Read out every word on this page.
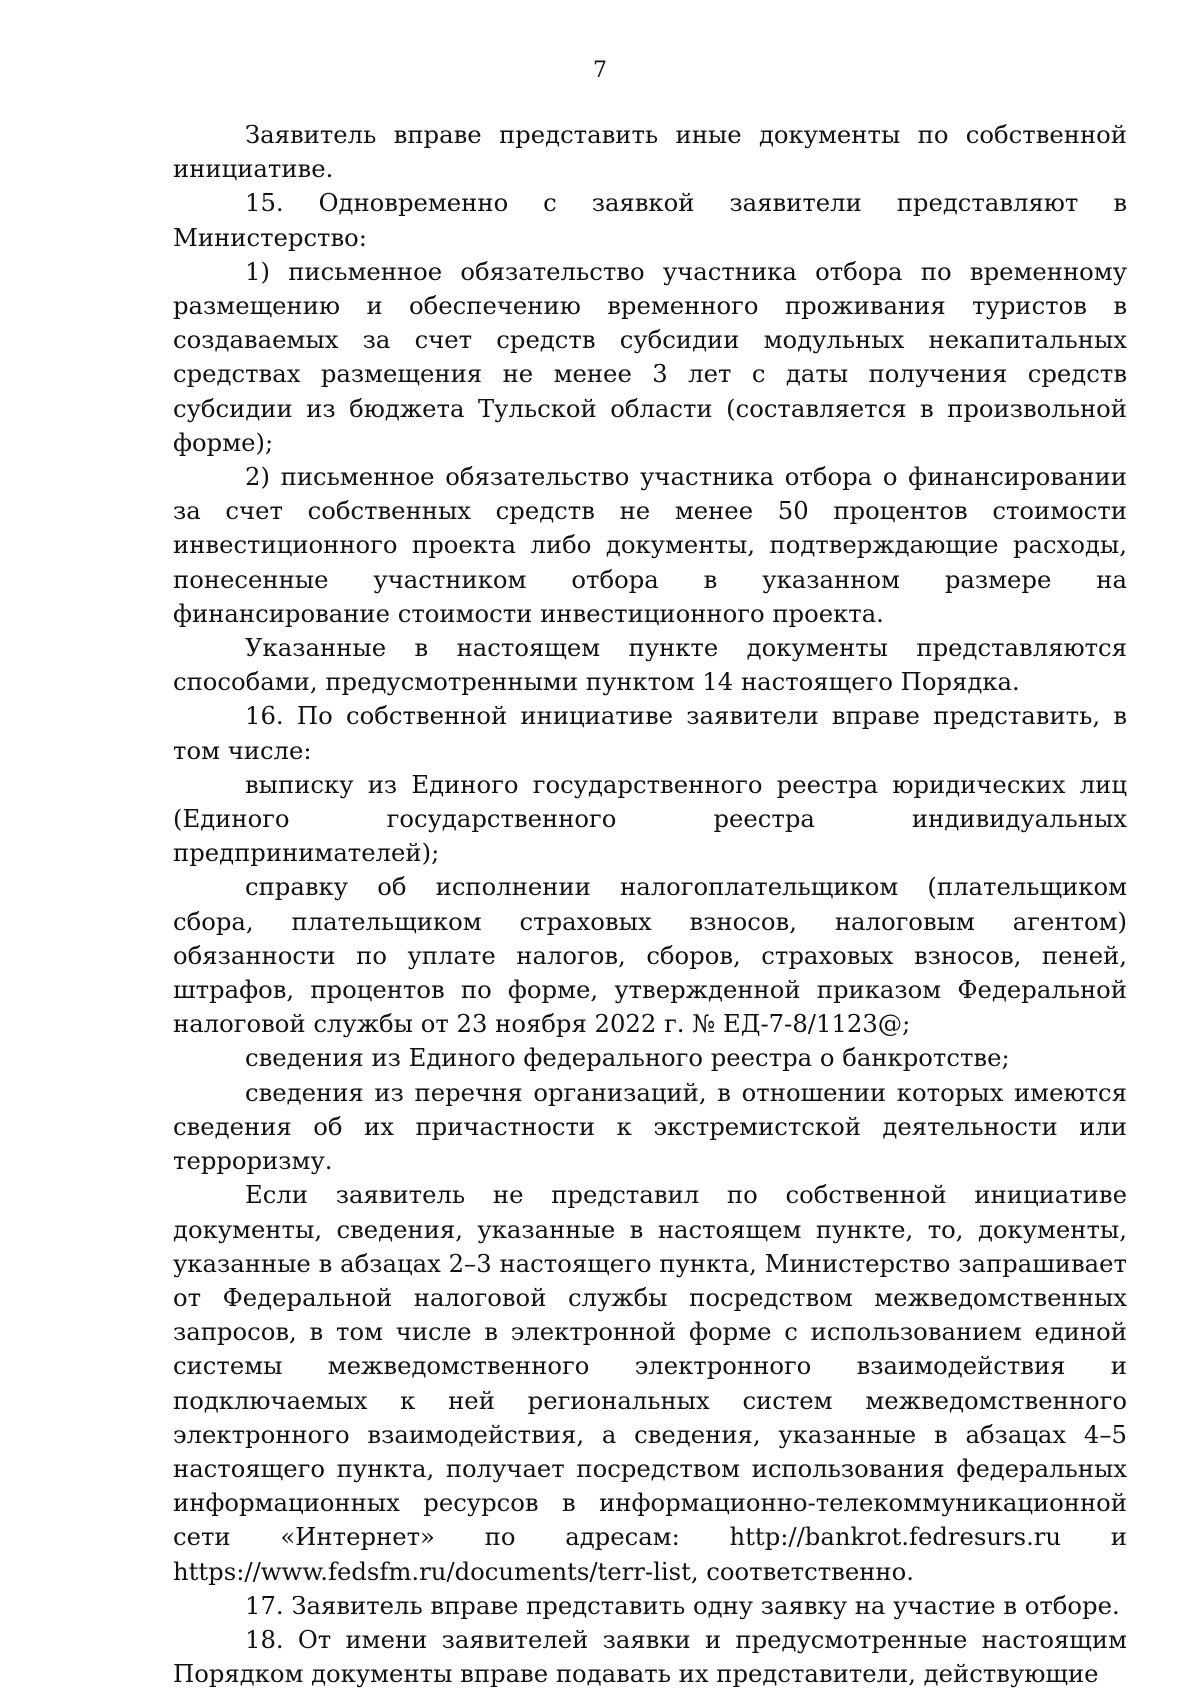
7

Заявитель вправе представить иные документы по собственной инициативе.

15. Одновременно с заявкой заявители представляют в Министерство:

1) письменное обязательство участника отбора по временному размещению и обеспечению временного проживания туристов в создаваемых за счет средств субсидии модульных некапитальных средствах размещения не менее 3 лет с даты получения средств субсидии из бюджета Тульской области (составляется в произвольной форме);

2) письменное обязательство участника отбора о финансировании за счет собственных средств не менее 50 процентов стоимости инвестиционного проекта либо документы, подтверждающие расходы, понесенные участником отбора в указанном размере на финансирование стоимости инвестиционного проекта.

Указанные в настоящем пункте документы представляются способами, предусмотренными пунктом 14 настоящего Порядка.

16. По собственной инициативе заявители вправе представить, в том числе:

выписку из Единого государственного реестра юридических лиц (Единого государственного реестра индивидуальных предпринимателей);

справку об исполнении налогоплательщиком (плательщиком сбора, плательщиком страховых взносов, налоговым агентом) обязанности по уплате налогов, сборов, страховых взносов, пеней, штрафов, процентов по форме, утвержденной приказом Федеральной налоговой службы от 23 ноября 2022 г. № ЕД-7-8/1123@;

сведения из Единого федерального реестра о банкротстве;

сведения из перечня организаций, в отношении которых имеются сведения об их причастности к экстремистской деятельности или терроризму.

Если заявитель не представил по собственной инициативе документы, сведения, указанные в настоящем пункте, то, документы, указанные в абзацах 2–3 настоящего пункта, Министерство запрашивает от Федеральной налоговой службы посредством межведомственных запросов, в том числе в электронной форме с использованием единой системы межведомственного электронного взаимодействия и подключаемых к ней региональных систем межведомственного электронного взаимодействия, а сведения, указанные в абзацах 4–5 настоящего пункта, получает посредством использования федеральных информационных ресурсов в информационно-телекоммуникационной сети «Интернет» по адресам: http://bankrot.fedresurs.ru и https://www.fedsfm.ru/documents/terr-list, соответственно.

17. Заявитель вправе представить одну заявку на участие в отборе.

18. От имени заявителей заявки и предусмотренные настоящим Порядком документы вправе подавать их представители, действующие
